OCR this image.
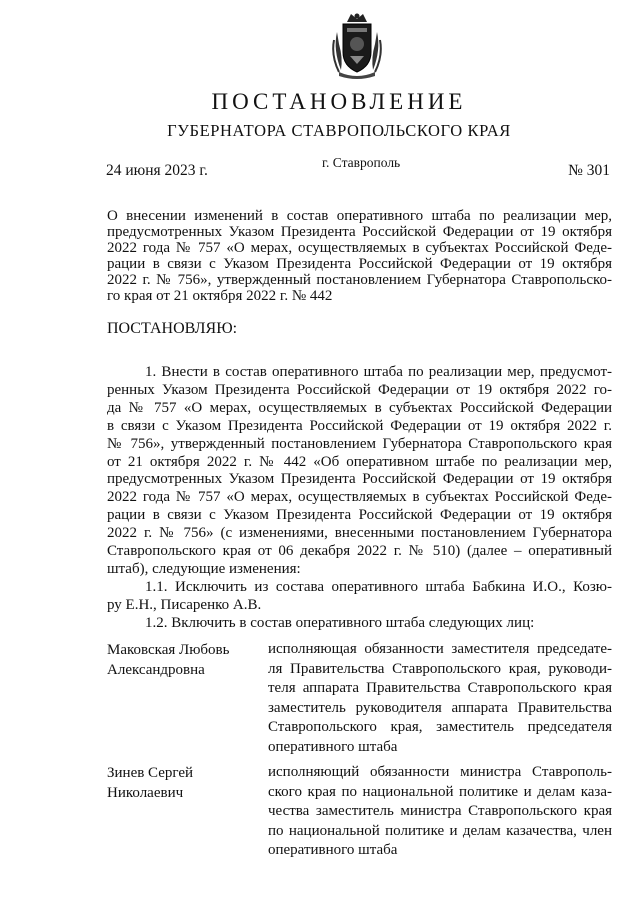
ПОСТАНОВЛЕНИЕ
ГУБЕРНАТОРА СТАВРОПОЛЬСКОГО КРАЯ
24 июня 2023 г.	г. Ставрополь	№ 301
О внесении изменений в состав оперативного штаба по реализации мер,
предусмотренных Указом Президента Российской Федерации от 19 октября
2022 года № 757 «О мерах, осуществляемых в субъектах Российской Феде-
рации в связи с Указом Президента Российской Федерации от 19 октября
2022 г. № 756», утвержденный постановлением Губернатора Ставропольско-
го края от 21 октября 2022 г. № 442
ПОСТАНОВЛЯЮ:
1. Внести в состав оперативного штаба по реализации мер, предусмот-
ренных Указом Президента Российской Федерации от 19 октября 2022 го-
да № 757 «О мерах, осуществляемых в субъектах Российской Федерации
в связи с Указом Президента Российской Федерации от 19 октября 2022 г.
№ 756», утвержденный постановлением Губернатора Ставропольского края
от 21 октября 2022 г. № 442 «Об оперативном штабе по реализации мер,
предусмотренных Указом Президента Российской Федерации от 19 октября
2022 года № 757 «О мерах, осуществляемых в субъектах Российской Феде-
рации в связи с Указом Президента Российской Федерации от 19 октября
2022 г. № 756» (с изменениями, внесенными постановлением Губернатора
Ставропольского края от 06 декабря 2022 г. № 510) (далее – оперативный
штаб), следующие изменения:
1.1. Исключить из состава оперативного штаба Бабкина И.О., Козю-
ру Е.Н., Писаренко А.В.
1.2. Включить в состав оперативного штаба следующих лиц:
Маковская Любовь
Александровна
исполняющая обязанности заместителя председате-
ля Правительства Ставропольского края, руководи-
теля аппарата Правительства Ставропольского края
заместитель руководителя аппарата Правительства
Ставропольского края, заместитель председателя
оперативного штаба
Зинев Сергей
Николаевич
исполняющий обязанности министра Ставрополь-
ского края по национальной политике и делам каза-
чества заместитель министра Ставропольского края
по национальной политике и делам казачества, член
оперативного штаба
